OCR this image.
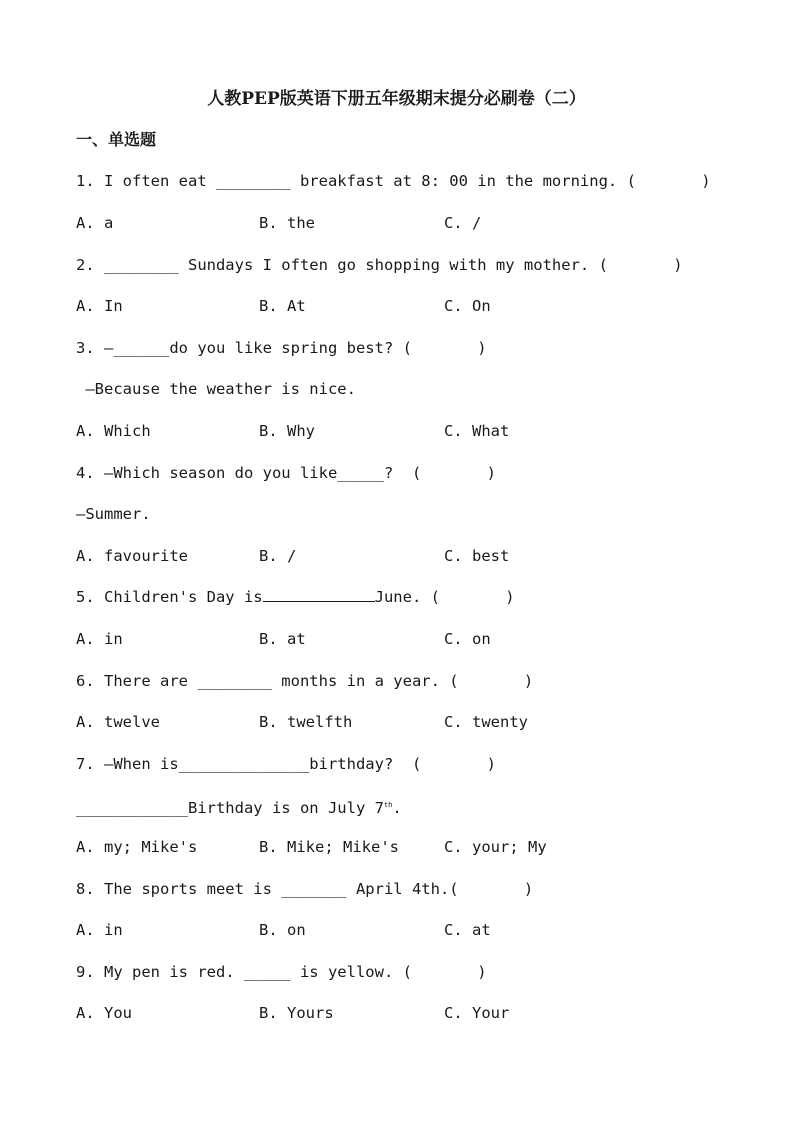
人教PEP版英语下册五年级期末提分必刷卷（二）
一、单选题
1. I often eat ________ breakfast at 8: 00 in the morning. (       )
A. a	B. the	C. /
2. ________ Sundays I often go shopping with my mother. (       )
A. In	B. At	C. On
3. —______do you like spring best? (       )
—Because the weather is nice.
A. Which	B. Why	C. What
4. —Which season do you like_____?  (       )
—Summer.
A. favourite	B. /	C. best
5. Children's Day is	June. (       )
A. in	B. at	C. on
6. There are ________ months in a year. (       )
A. twelve	B. twelfth	C. twenty
7. —When is______________birthday?  (       )
____________Birthday is on July 7th.
A. my; Mike's	B. Mike; Mike's	C. your; My
8. The sports meet is _______ April 4th.(       )
A. in	B. on	C. at
9. My pen is red. _____ is yellow. (       )
A. You	B. Yours	C. Your
